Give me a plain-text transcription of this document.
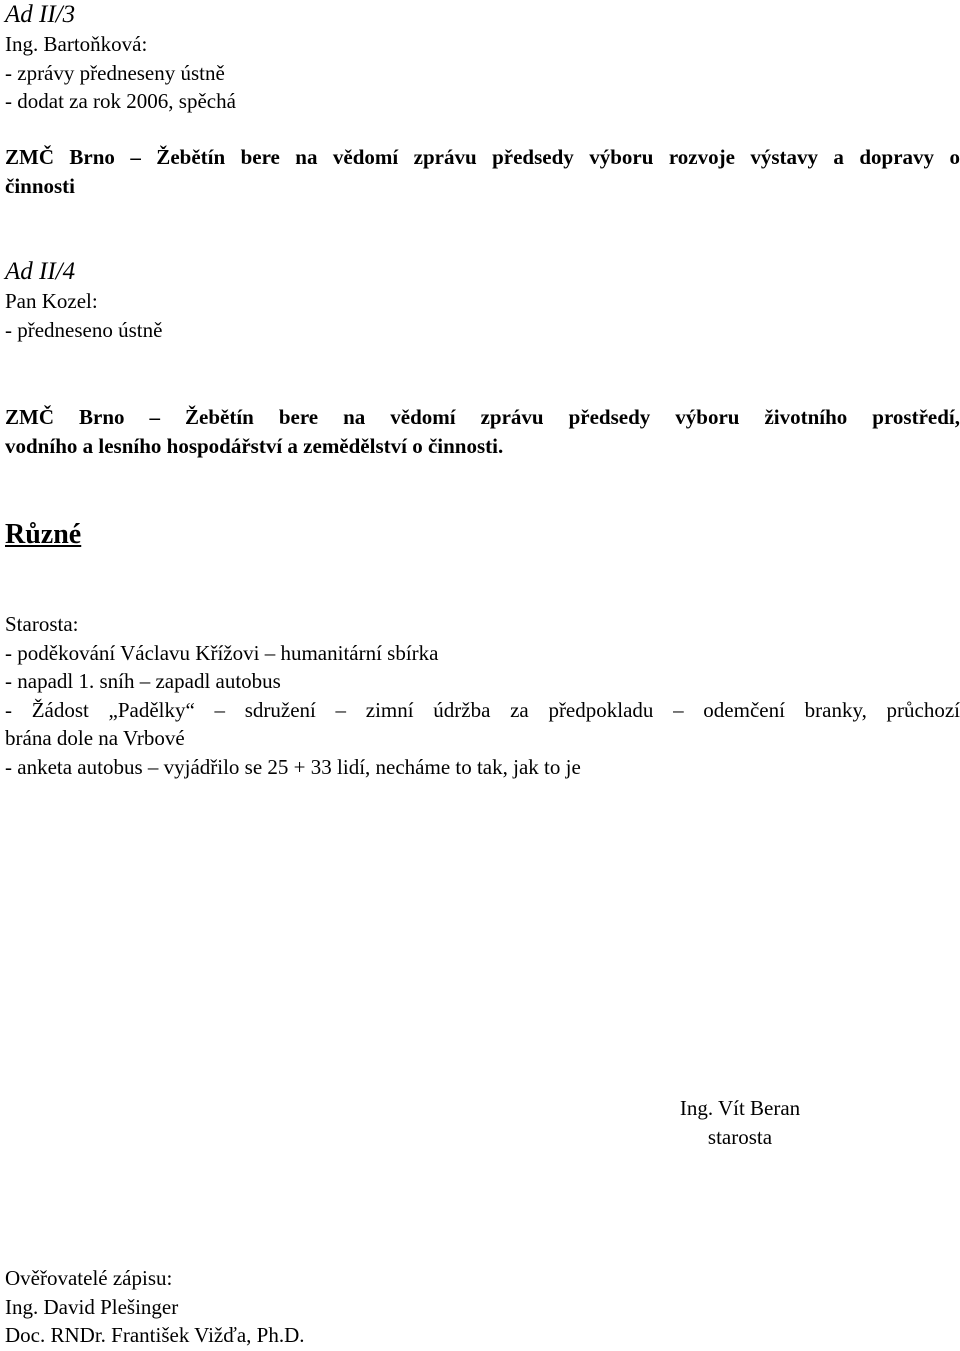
Ad II/3
Ing. Bartoňková:
- zprávy předneseny ústně
- dodat za rok 2006, spěchá
ZMČ Brno – Žebětín bere na vědomí zprávu předsedy výboru rozvoje výstavy a dopravy o
činnosti
Ad II/4
Pan Kozel:
- předneseno ústně
ZMČ Brno – Žebětín bere na vědomí zprávu předsedy výboru životního prostředí,
vodního a lesního hospodářství a zemědělství o činnosti.
Různé
Starosta:
- poděkování Václavu Křížovi – humanitární sbírka
- napadl 1. sníh – zapadl autobus
- Žádost „Padělky“ – sdružení – zimní údržba za předpokladu – odemčení branky, průchozí
brána dole na Vrbové
- anketa autobus – vyjádřilo se 25 + 33 lidí, necháme to tak, jak to je
Ing. Vít Beran
starosta
Ověřovatelé zápisu:
Ing. David Plešinger
Doc. RNDr. František Vižďa, Ph.D.
